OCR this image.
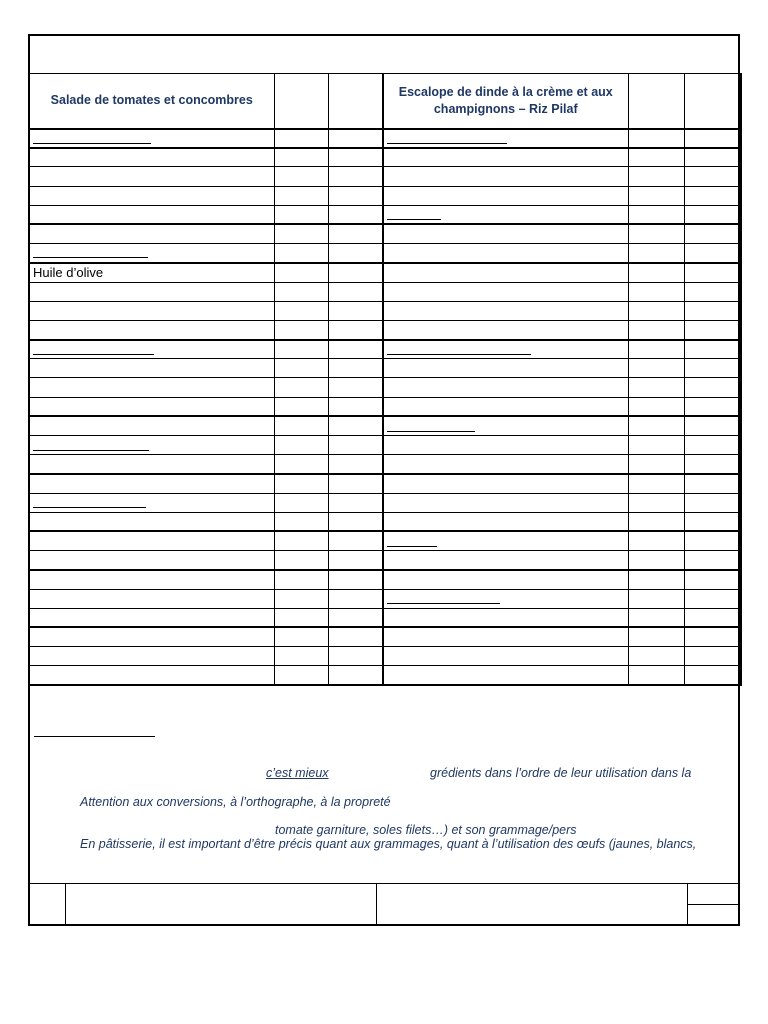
Salade de tomates et concombres			Escalope de dinde à la crème et aux champignons – Riz Pilaf		

Huile d’olive					

c’est mieux	grédients dans l’ordre de leur utilisation dans la
Attention aux conversions, à l’orthographe, à la propreté
tomate garniture, soles filets…) et son grammage/pers
En pâtisserie, il est important d’être précis quant aux grammages, quant à l’utilisation des œufs (jaunes, blancs,
